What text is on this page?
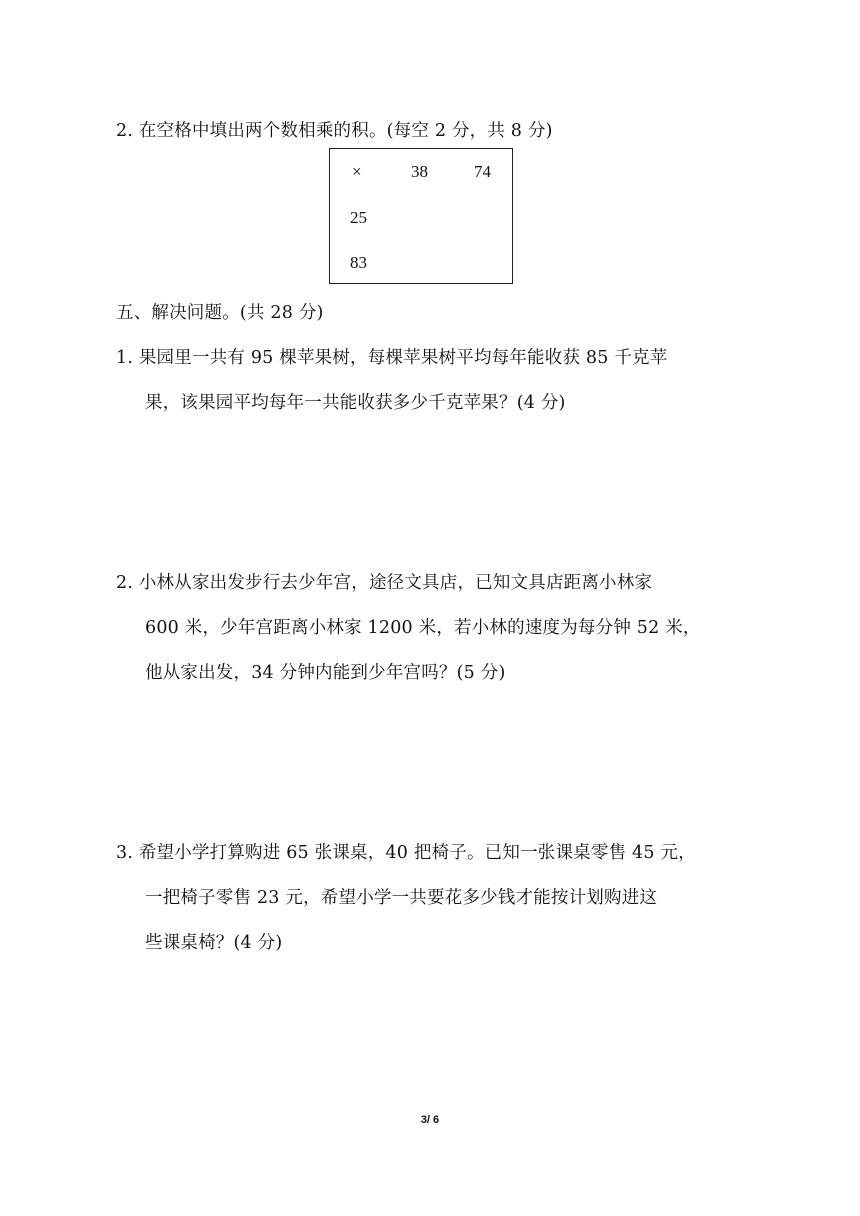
2. 在空格中填出两个数相乘的积。(每空 2 分，共 8 分)
×	38	74
25
83
五、解决问题。(共 28 分)
1. 果园里一共有 95 棵苹果树，每棵苹果树平均每年能收获 85 千克苹
果，该果园平均每年一共能收获多少千克苹果？(4 分)
2. 小林从家出发步行去少年宫，途径文具店，已知文具店距离小林家
600 米，少年宫距离小林家 1200 米，若小林的速度为每分钟 52 米，
他从家出发，34 分钟内能到少年宫吗？(5 分)
3. 希望小学打算购进 65 张课桌，40 把椅子。已知一张课桌零售 45 元，
一把椅子零售 23 元，希望小学一共要花多少钱才能按计划购进这
些课桌椅？(4 分)
3/ 6
